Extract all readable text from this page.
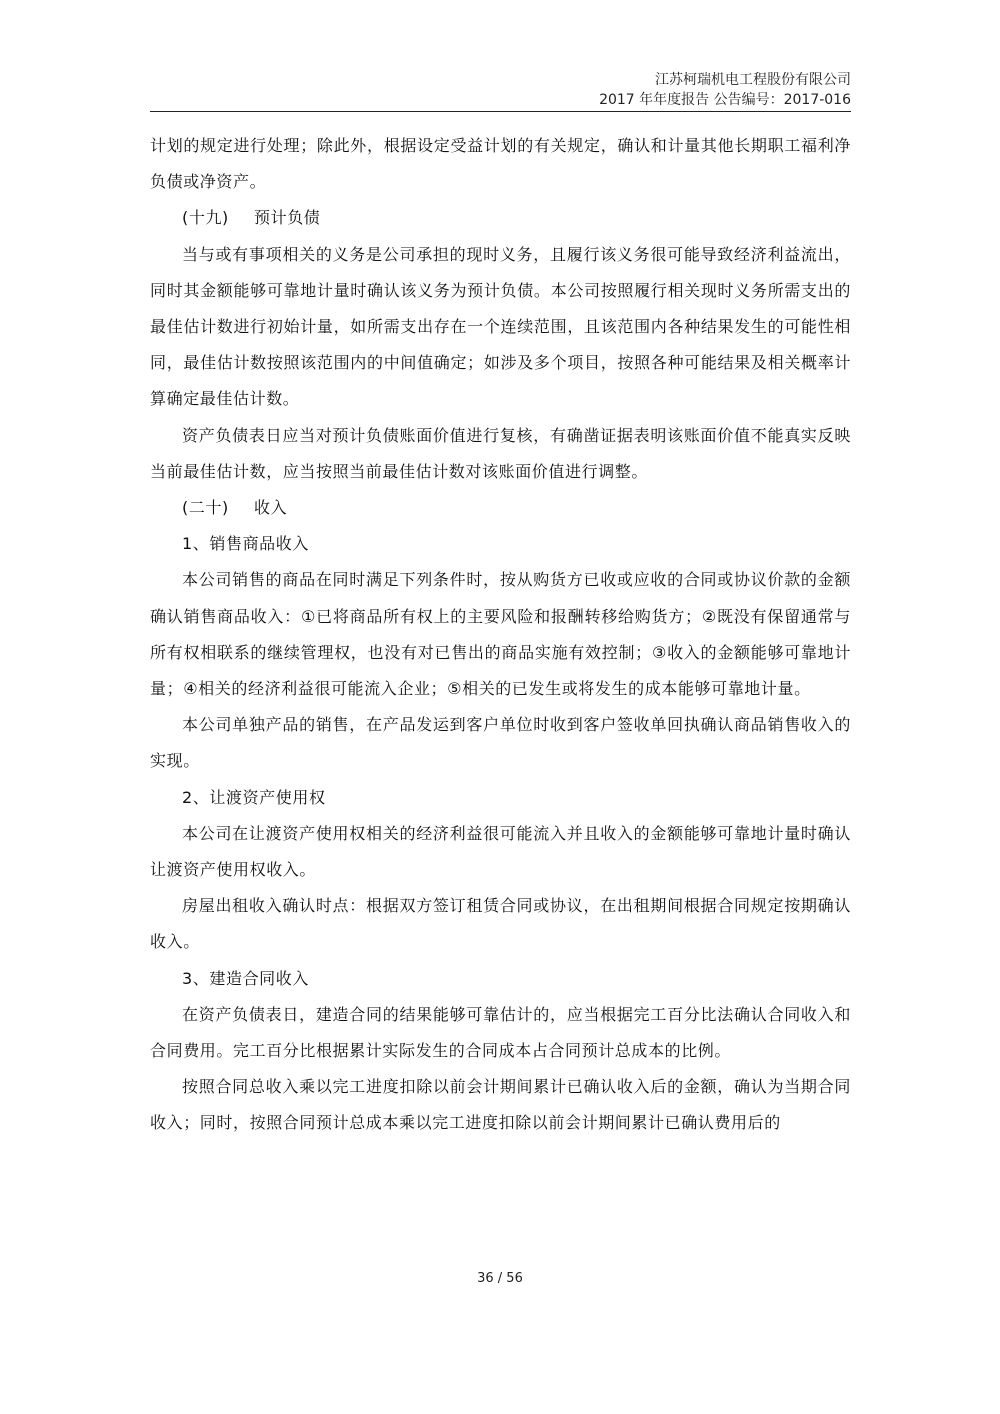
江苏柯瑞机电工程股份有限公司
2017 年年度报告 公告编号：2017-016

计划的规定进行处理；除此外，根据设定受益计划的有关规定，确认和计量其他长期职工福利净负债或净资产。

(十九) 预计负债

当与或有事项相关的义务是公司承担的现时义务，且履行该义务很可能导致经济利益流出，同时其金额能够可靠地计量时确认该义务为预计负债。本公司按照履行相关现时义务所需支出的最佳估计数进行初始计量，如所需支出存在一个连续范围，且该范围内各种结果发生的可能性相同，最佳估计数按照该范围内的中间值确定；如涉及多个项目，按照各种可能结果及相关概率计算确定最佳估计数。

资产负债表日应当对预计负债账面价值进行复核，有确凿证据表明该账面价值不能真实反映当前最佳估计数，应当按照当前最佳估计数对该账面价值进行调整。

(二十) 收入

1、销售商品收入

本公司销售的商品在同时满足下列条件时，按从购货方已收或应收的合同或协议价款的金额确认销售商品收入：①已将商品所有权上的主要风险和报酬转移给购货方；②既没有保留通常与所有权相联系的继续管理权，也没有对已售出的商品实施有效控制；③收入的金额能够可靠地计量；④相关的经济利益很可能流入企业；⑤相关的已发生或将发生的成本能够可靠地计量。

本公司单独产品的销售，在产品发运到客户单位时收到客户签收单回执确认商品销售收入的实现。

2、让渡资产使用权

本公司在让渡资产使用权相关的经济利益很可能流入并且收入的金额能够可靠地计量时确认让渡资产使用权收入。

房屋出租收入确认时点：根据双方签订租赁合同或协议，在出租期间根据合同规定按期确认收入。

3、建造合同收入

在资产负债表日，建造合同的结果能够可靠估计的，应当根据完工百分比法确认合同收入和合同费用。完工百分比根据累计实际发生的合同成本占合同预计总成本的比例。

按照合同总收入乘以完工进度扣除以前会计期间累计已确认收入后的金额，确认为当期合同收入；同时，按照合同预计总成本乘以完工进度扣除以前会计期间累计已确认费用后的

36 / 56
